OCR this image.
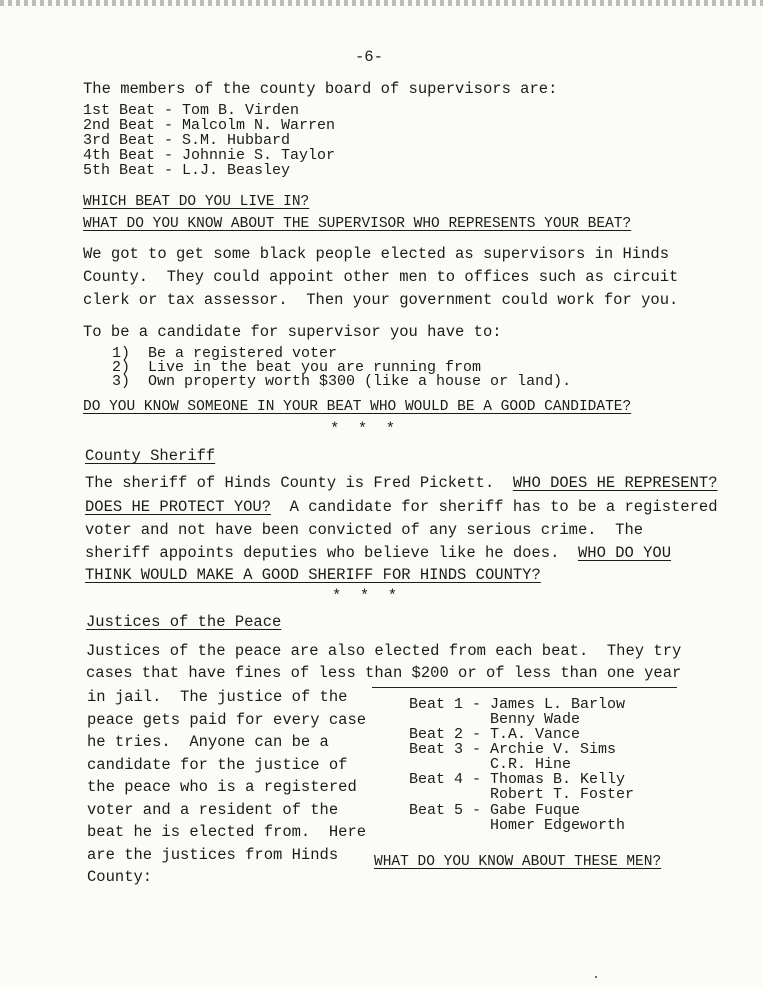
-6-
The members of the county board of supervisors are:
1st Beat - Tom B. Virden
2nd Beat - Malcolm N. Warren
3rd Beat - S.M. Hubbard
4th Beat - Johnnie S. Taylor
5th Beat - L.J. Beasley
WHICH BEAT DO YOU LIVE IN?
WHAT DO YOU KNOW ABOUT THE SUPERVISOR WHO REPRESENTS YOUR BEAT?
We got to get some black people elected as supervisors in Hinds
County.  They could appoint other men to offices such as circuit
clerk or tax assessor.  Then your government could work for you.
To be a candidate for supervisor you have to:
1)  Be a registered voter
2)  Live in the beat you are running from
3)  Own property worth $300 (like a house or land).
DO YOU KNOW SOMEONE IN YOUR BEAT WHO WOULD BE A GOOD CANDIDATE?
*  *  *
County Sheriff
The sheriff of Hinds County is Fred Pickett.  WHO DOES HE REPRESENT?
DOES HE PROTECT YOU?  A candidate for sheriff has to be a registered
voter and not have been convicted of any serious crime.  The
sheriff appoints deputies who believe like he does.  WHO DO YOU
THINK WOULD MAKE A GOOD SHERIFF FOR HINDS COUNTY?
*  *  *
Justices of the Peace
Justices of the peace are also elected from each beat.  They try
cases that have fines of less than $200 or of less than one year
in jail.  The justice of the
peace gets paid for every case
he tries.  Anyone can be a
candidate for the justice of
the peace who is a registered
voter and a resident of the
beat he is elected from.  Here
are the justices from Hinds
County:
Beat 1 - James L. Barlow
Benny Wade
Beat 2 - T.A. Vance
Beat 3 - Archie V. Sims
C.R. Hine
Beat 4 - Thomas B. Kelly
Robert T. Foster
Beat 5 - Gabe Fuque
Homer Edgeworth
WHAT DO YOU KNOW ABOUT THESE MEN?
